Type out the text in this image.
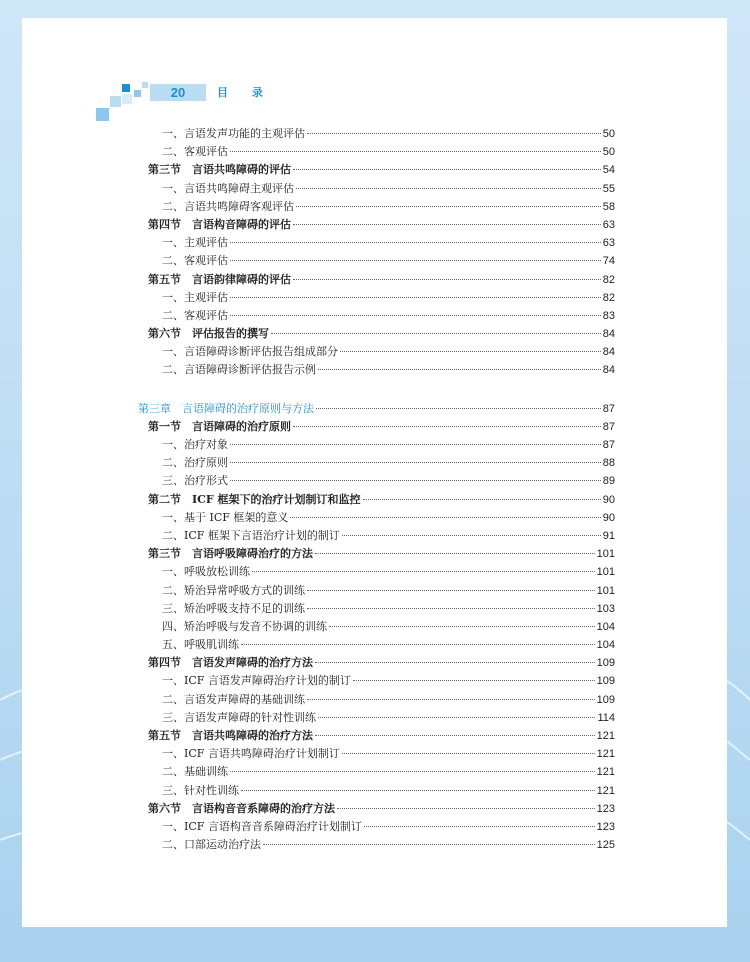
20	目 录
一、言语发声功能的主观评估	50
二、客观评估	50
第三节　言语共鸣障碍的评估	54
一、言语共鸣障碍主观评估	55
二、言语共鸣障碍客观评估	58
第四节　言语构音障碍的评估	63
一、主观评估	63
二、客观评估	74
第五节　言语韵律障碍的评估	82
一、主观评估	82
二、客观评估	83
第六节　评估报告的撰写	84
一、言语障碍诊断评估报告组成部分	84
二、言语障碍诊断评估报告示例	84
第三章　言语障碍的治疗原则与方法	87
第一节　言语障碍的治疗原则	87
一、治疗对象	87
二、治疗原则	88
三、治疗形式	89
第二节　ICF 框架下的治疗计划制订和监控	90
一、基于 ICF 框架的意义	90
二、ICF 框架下言语治疗计划的制订	91
第三节　言语呼吸障碍治疗的方法	101
一、呼吸放松训练	101
二、矫治异常呼吸方式的训练	101
三、矫治呼吸支持不足的训练	103
四、矫治呼吸与发音不协调的训练	104
五、呼吸肌训练	104
第四节　言语发声障碍的治疗方法	109
一、ICF 言语发声障碍治疗计划的制订	109
二、言语发声障碍的基础训练	109
三、言语发声障碍的针对性训练	114
第五节　言语共鸣障碍的治疗方法	121
一、ICF 言语共鸣障碍治疗计划制订	121
二、基础训练	121
三、针对性训练	121
第六节　言语构音音系障碍的治疗方法	123
一、ICF 言语构音音系障碍治疗计划制订	123
二、口部运动治疗法	125
